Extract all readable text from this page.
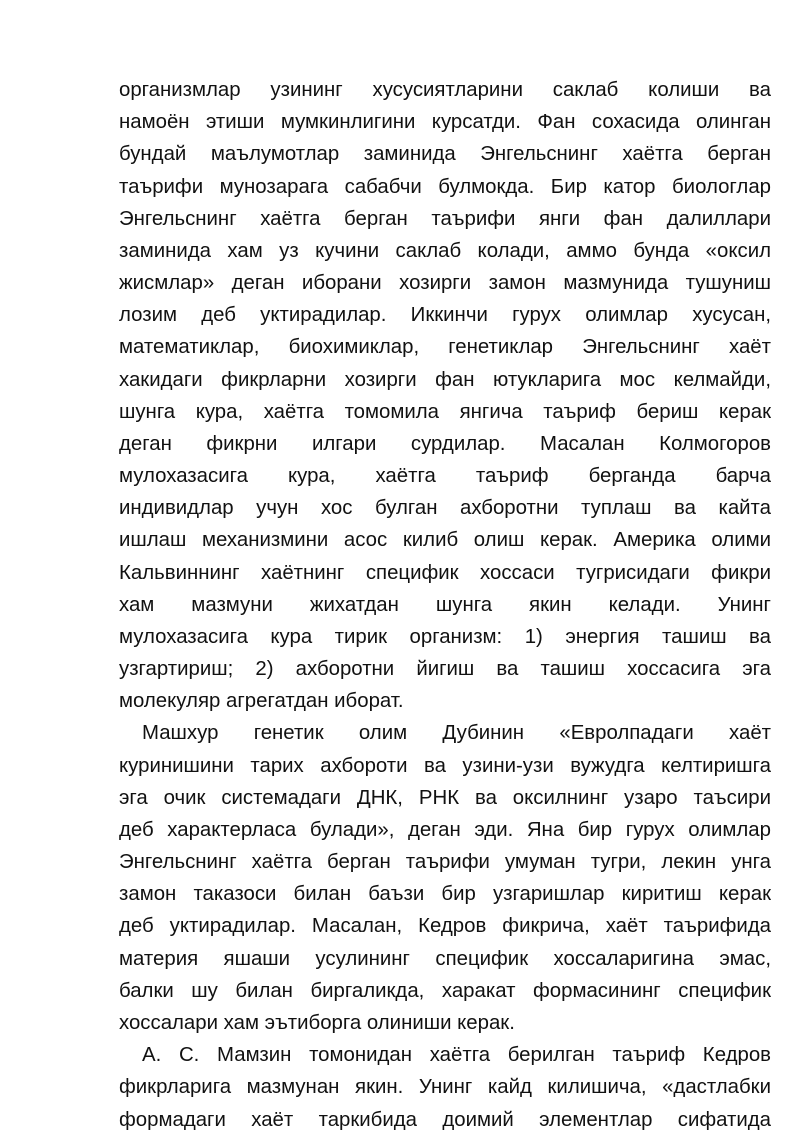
организмлар узининг хусусиятларини саклаб колиши ва
намоён этиши мумкинлигини курсатди. Фан сохасида олинган
бундай маълумотлар заминида Энгельснинг хаётга берган
таърифи мунозарага сабабчи булмокда. Бир катор биологлар
Энгельснинг хаётга берган таърифи янги фан далиллари
заминида хам уз кучини саклаб колади, аммо бунда «оксил
жисмлар» деган иборани хозирги замон мазмунида тушуниш
лозим деб уктирадилар. Иккинчи гурух олимлар хусусан,
математиклар, биохимиклар, генетиклар Энгельснинг хаёт
хакидаги фикрларни хозирги фан ютукларига мос келмайди,
шунга кура, хаётга томомила янгича таъриф бериш керак
деган фикрни илгари сурдилар. Масалан Колмогоров
мулохазасига кура, хаётга таъриф берганда барча
индивидлар учун хос булган ахборотни туплаш ва кайта
ишлаш механизмини асос килиб олиш керак. Америка олими
Кальвиннинг хаётнинг специфик хоссаси тугрисидаги фикри
хам мазмуни жихатдан шунга якин келади. Унинг
мулохазасига кура тирик организм: 1) энергия ташиш ва
узгартириш; 2) ахборотни йигиш ва ташиш хоссасига эга
молекуляр агрегатдан иборат.
Машхур генетик олим Дубинин «Евролпадаги хаёт
куринишини тарих ахбороти ва узини-узи вужудга келтиришга
эга очик системадаги ДНК, РНК ва оксилнинг узаро таъсири
деб характерласа булади», деган эди. Яна бир гурух олимлар
Энгельснинг хаётга берган таърифи умуман тугри, лекин унга
замон таказоси билан баъзи бир узгаришлар киритиш керак
деб уктирадилар. Масалан, Кедров фикрича, хаёт таърифида
материя яшаши усулининг специфик хоссаларигина эмас,
балки шу билан биргаликда, харакат формасининг специфик
хоссалари хам эътиборга олиниши керак.
А. С. Мамзин томонидан хаётга берилган таъриф Кедров
фикрларига мазмунан якин. Унинг кайд килишича, «дастлабки
формадаги хаёт таркибида доимий элементлар сифатида
